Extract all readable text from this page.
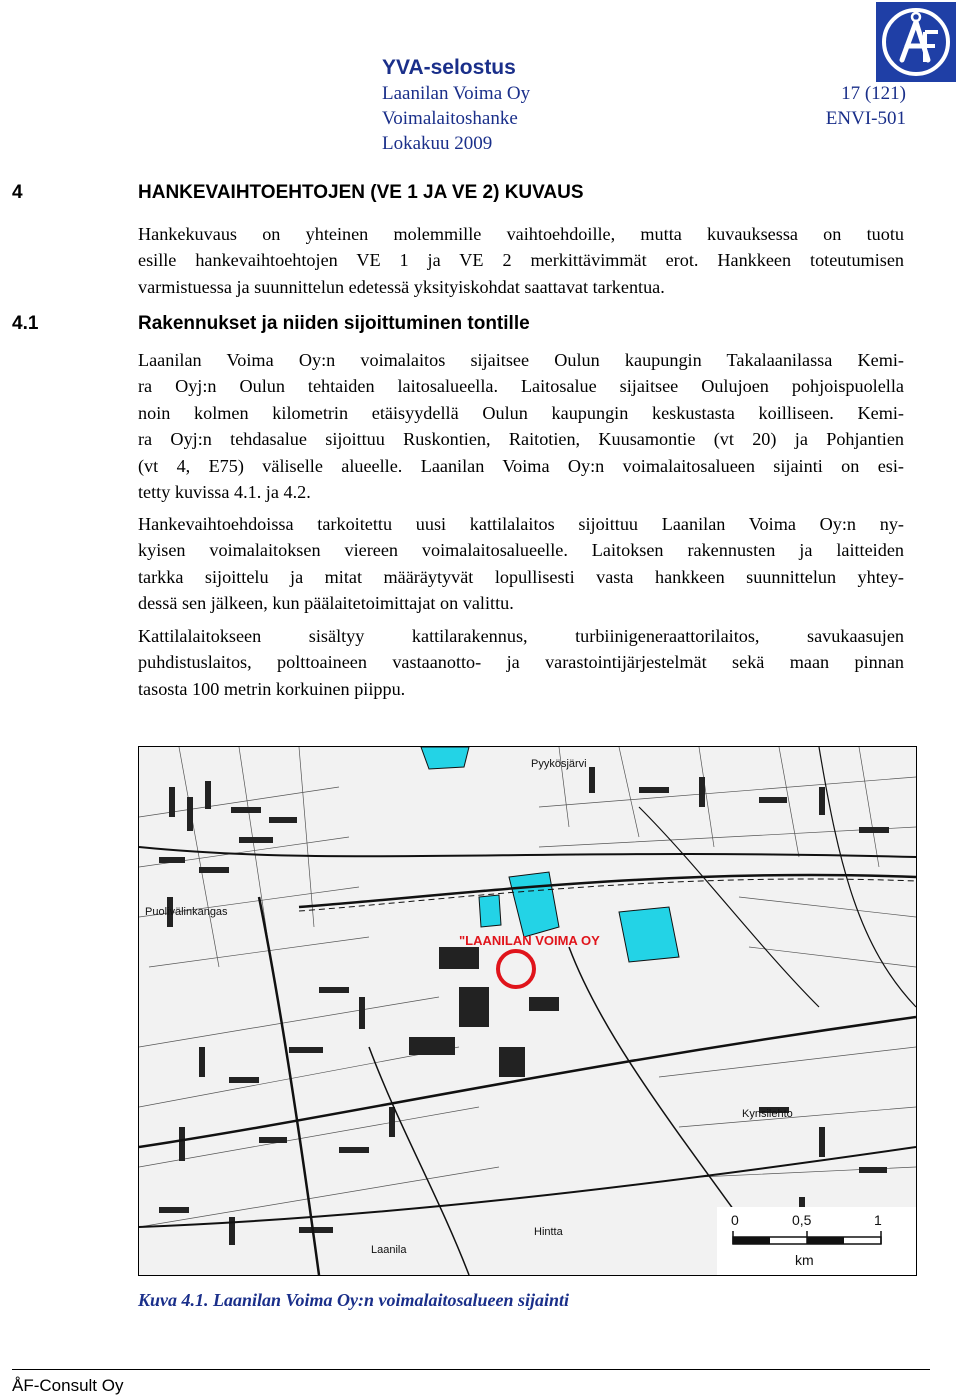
YVA-selostus
Laanilan Voima Oy	17 (121)
Voimalaitoshanke	ENVI-501
Lokakuu 2009
4	HANKEVAIHTOEHTOJEN (VE 1 JA VE 2) KUVAUS
Hankekuvaus on yhteinen molemmille vaihtoehdoille, mutta kuvauksessa on tuotu
esille hankevaihtoehtojen VE 1 ja VE 2 merkittävimmät erot. Hankkeen toteutumisen
varmistuessa ja suunnittelun edetessä yksityiskohdat saattavat tarkentua.
4.1	Rakennukset ja niiden sijoittuminen tontille
Laanilan Voima Oy:n voimalaitos sijaitsee Oulun kaupungin Takalaanilassa Kemi-
ra Oyj:n Oulun tehtaiden laitosalueella. Laitosalue sijaitsee Oulujoen pohjoispuolella
noin kolmen kilometrin etäisyydellä Oulun kaupungin keskustasta koilliseen. Kemi-
ra Oyj:n tehdasalue sijoittuu Ruskontien, Raitotien, Kuusamontie (vt 20) ja Pohjantien
(vt 4, E75) väliselle alueelle. Laanilan Voima Oy:n voimalaitosalueen sijainti on esi-
tetty kuvissa 4.1. ja 4.2.
Hankevaihtoehdoissa tarkoitettu uusi kattilalaitos sijoittuu Laanilan Voima Oy:n ny-
kyisen voimalaitoksen viereen voimalaitosalueelle. Laitoksen rakennusten ja laitteiden
tarkka sijoittelu ja mitat määräytyvät lopullisesti vasta hankkeen suunnittelun yhtey-
dessä sen jälkeen, kun päälaitetoimittajat on valittu.
Kattilalaitokseen sisältyy kattilarakennus, turbiinigeneraattorilaitos, savukaasujen
puhdistuslaitos, polttoaineen vastaanotto- ja varastointijärjestelmät sekä maan pinnan
tasosta 100 metrin korkuinen piippu.
"LAANILAN VOIMA OY
Pyykösjärvi
Puolivälinkangas
Laanila
Hintta
Kynsilehto
0	0,5	1
km
Kuva 4.1. Laanilan Voima Oy:n voimalaitosalueen sijainti
ÅF-Consult Oy
